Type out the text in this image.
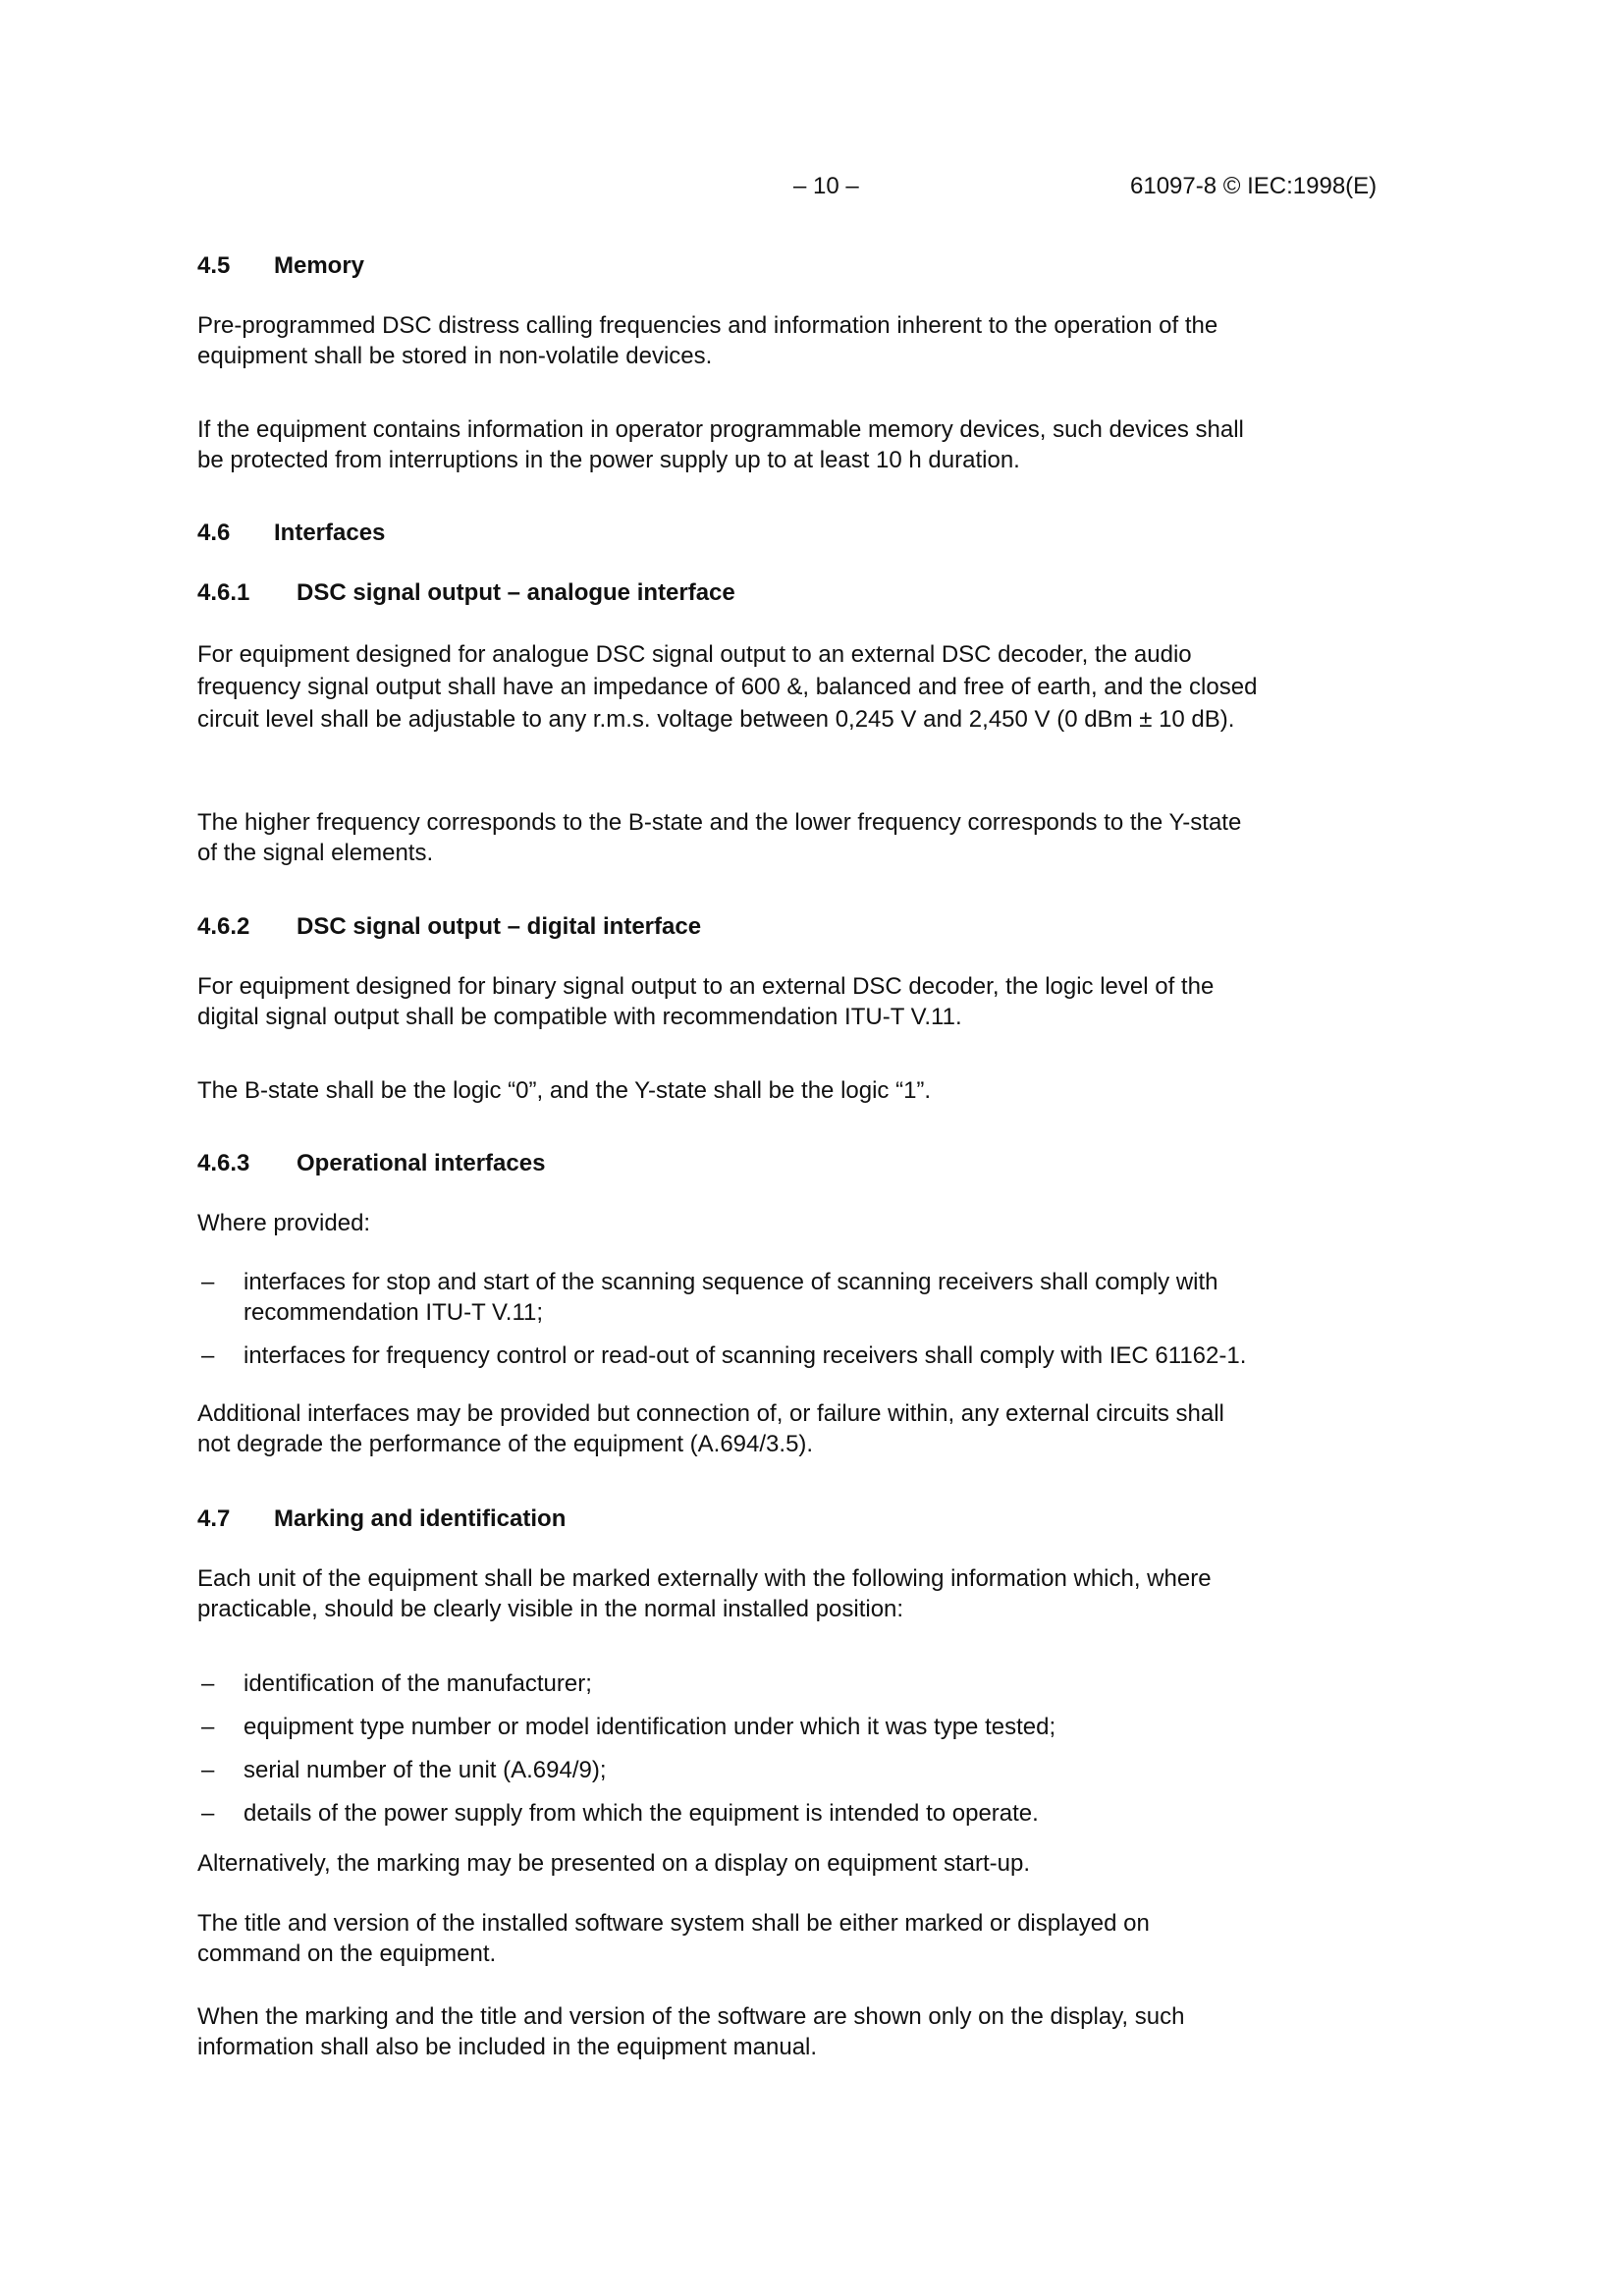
– 10 –	61097-8 © IEC:1998(E)
4.5 Memory

Pre-programmed DSC distress calling frequencies and information inherent to the operation of the equipment shall be stored in non-volatile devices.

If the equipment contains information in operator programmable memory devices, such devices shall be protected from interruptions in the power supply up to at least 10 h duration.

4.6 Interfaces
4.6.1 DSC signal output – analogue interface

For equipment designed for analogue DSC signal output to an external DSC decoder, the audio frequency signal output shall have an impedance of 600 &, balanced and free of earth, and the closed circuit level shall be adjustable to any r.m.s. voltage between 0,245 V and 2,450 V (0 dBm ± 10 dB).

The higher frequency corresponds to the B-state and the lower frequency corresponds to the Y-state of the signal elements.

4.6.2 DSC signal output – digital interface

For equipment designed for binary signal output to an external DSC decoder, the logic level of the digital signal output shall be compatible with recommendation ITU-T V.11.

The B-state shall be the logic “0”, and the Y-state shall be the logic “1”.

4.6.3 Operational interfaces

Where provided:

– interfaces for stop and start of the scanning sequence of scanning receivers shall comply with recommendation ITU-T V.11;
– interfaces for frequency control or read-out of scanning receivers shall comply with IEC 61162-1.

Additional interfaces may be provided but connection of, or failure within, any external circuits shall not degrade the performance of the equipment (A.694/3.5).

4.7 Marking and identification

Each unit of the equipment shall be marked externally with the following information which, where practicable, should be clearly visible in the normal installed position:

– identification of the manufacturer;
– equipment type number or model identification under which it was type tested;
– serial number of the unit (A.694/9);
– details of the power supply from which the equipment is intended to operate.

Alternatively, the marking may be presented on a display on equipment start-up.

The title and version of the installed software system shall be either marked or displayed on command on the equipment.

When the marking and the title and version of the software are shown only on the display, such information shall also be included in the equipment manual.
